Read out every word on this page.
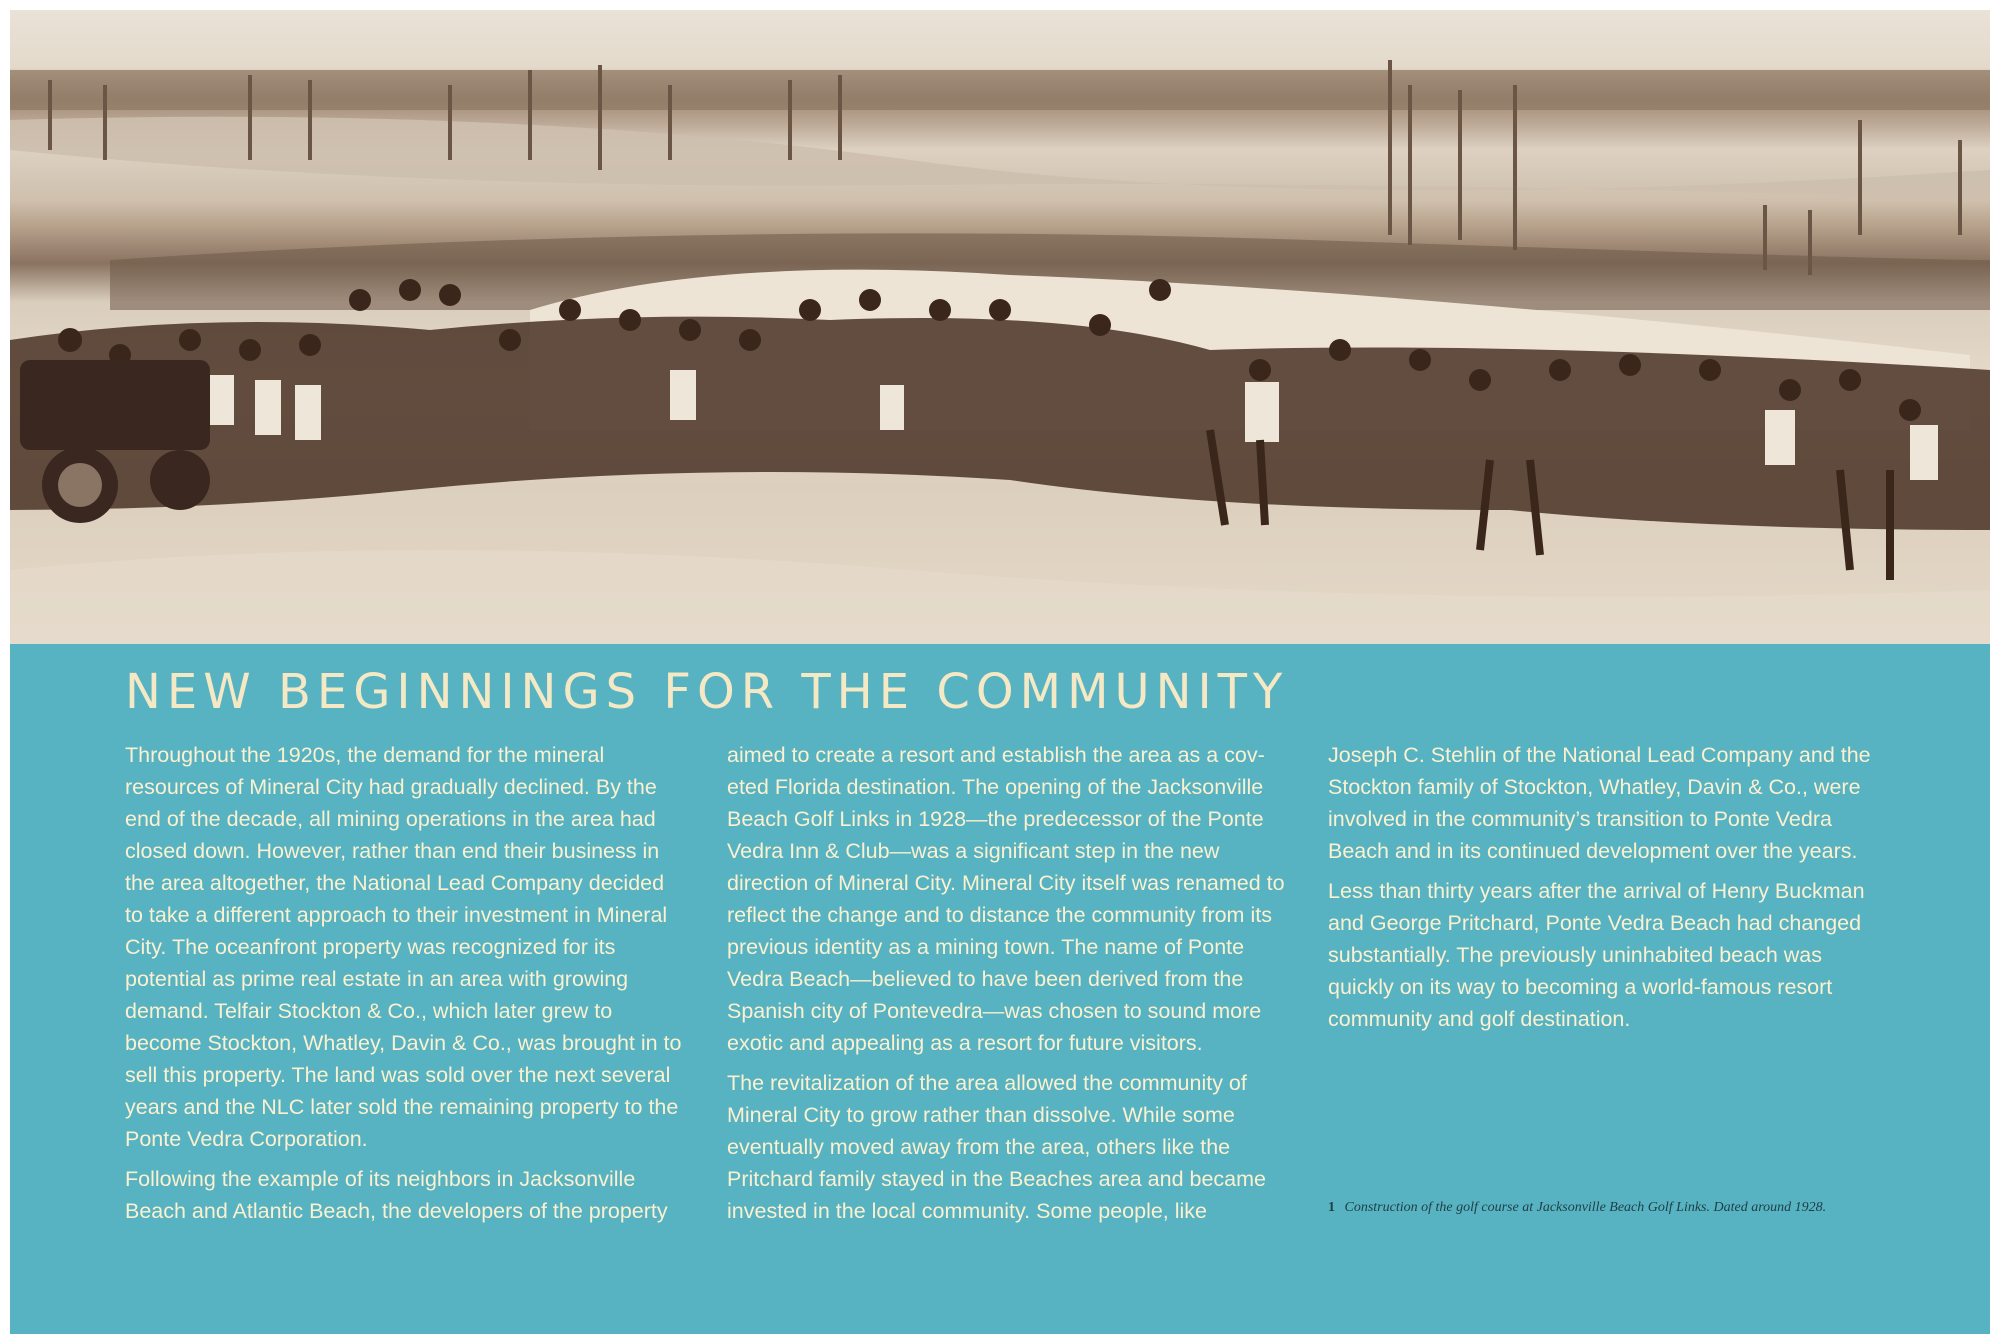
NEW BEGINNINGS FOR THE COMMUNITY

Throughout the 1920s, the demand for the mineral resources of Mineral City had gradually declined. By the end of the decade, all mining operations in the area had closed down. However, rather than end their business in the area altogether, the National Lead Company decided to take a different approach to their investment in Mineral City. The oceanfront property was recognized for its potential as prime real estate in an area with growing demand. Telfair Stockton & Co., which later grew to become Stockton, Whatley, Davin & Co., was brought in to sell this property. The land was sold over the next several years and the NLC later sold the remaining property to the Ponte Vedra Corporation.

Following the example of its neighbors in Jacksonville Beach and Atlantic Beach, the developers of the property

aimed to create a resort and establish the area as a cov- eted Florida destination. The opening of the Jacksonville Beach Golf Links in 1928—the predecessor of the Ponte Vedra Inn & Club—was a significant step in the new direction of Mineral City. Mineral City itself was renamed to reflect the change and to distance the community from its previous identity as a mining town. The name of Ponte Vedra Beach—believed to have been derived from the Spanish city of Pontevedra—was chosen to sound more exotic and appealing as a resort for future visitors.

The revitalization of the area allowed the community of Mineral City to grow rather than dissolve. While some eventually moved away from the area, others like the Pritchard family stayed in the Beaches area and became invested in the local community. Some people, like

Joseph C. Stehlin of the National Lead Company and the Stockton family of Stockton, Whatley, Davin & Co., were involved in the community’s transition to Ponte Vedra Beach and in its continued development over the years.

Less than thirty years after the arrival of Henry Buckman and George Pritchard, Ponte Vedra Beach had changed substantially. The previously uninhabited beach was quickly on its way to becoming a world-famous resort community and golf destination.

1 Construction of the golf course at Jacksonville Beach Golf Links. Dated around 1928.
